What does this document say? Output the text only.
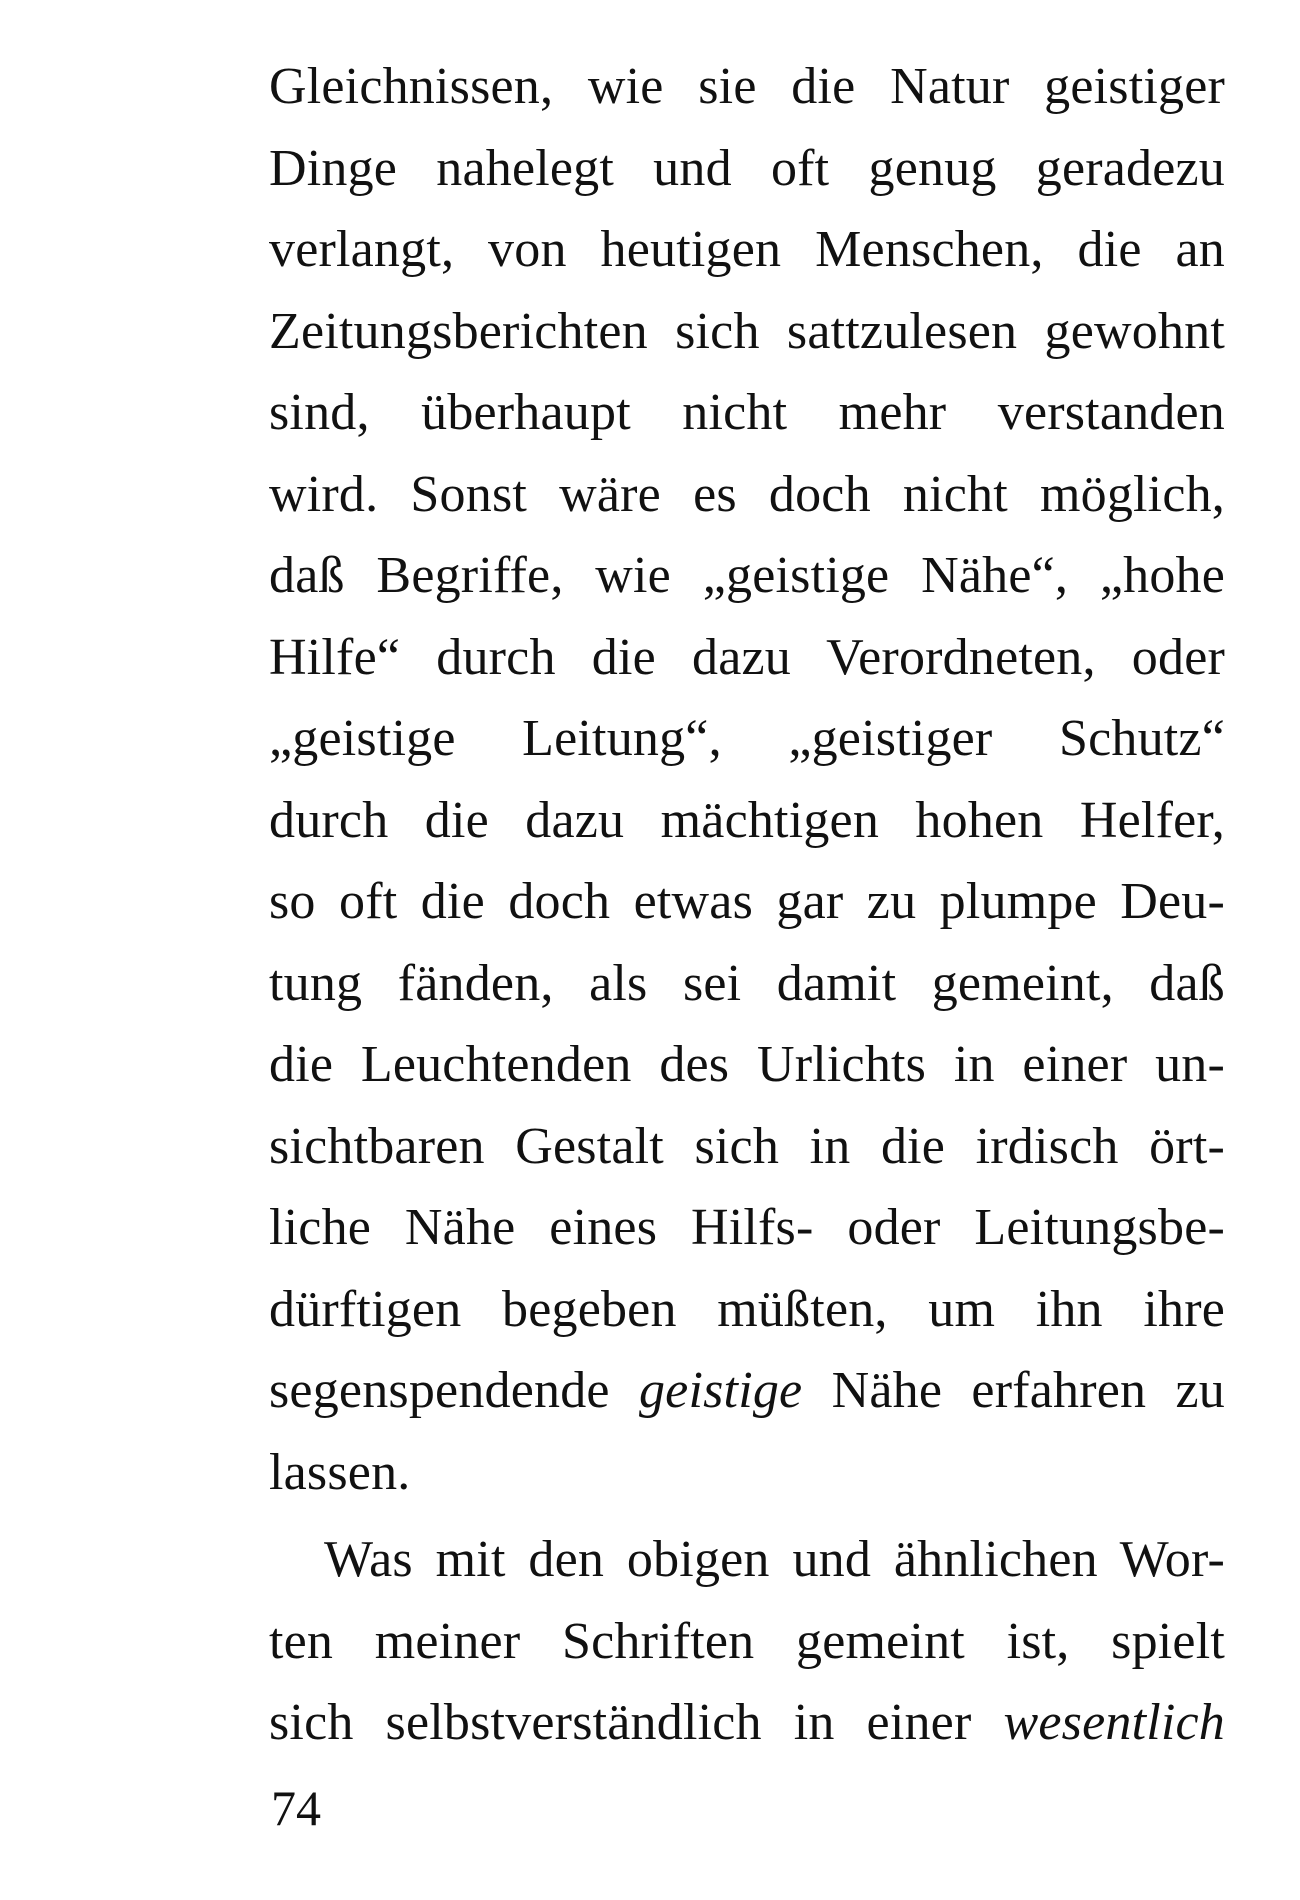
Gleichnissen, wie sie die Natur geistiger
Dinge nahelegt und oft genug geradezu
verlangt, von heutigen Menschen, die an
Zeitungsberichten sich sattzulesen gewohnt
sind, überhaupt nicht mehr verstanden
wird. Sonst wäre es doch nicht möglich,
daß Begriffe, wie „geistige Nähe“, „hohe
Hilfe“ durch die dazu Verordneten, oder
„geistige Leitung“, „geistiger Schutz“
durch die dazu mächtigen hohen Helfer,
so oft die doch etwas gar zu plumpe Deu-
tung fänden, als sei damit gemeint, daß
die Leuchtenden des Urlichts in einer un-
sichtbaren Gestalt sich in die irdisch ört-
liche Nähe eines Hilfs- oder Leitungsbe-
dürftigen begeben müßten, um ihn ihre
segenspendende geistige Nähe erfahren zu
lassen.
Was mit den obigen und ähnlichen Wor-
ten meiner Schriften gemeint ist, spielt
sich selbstverständlich in einer wesentlich
74
